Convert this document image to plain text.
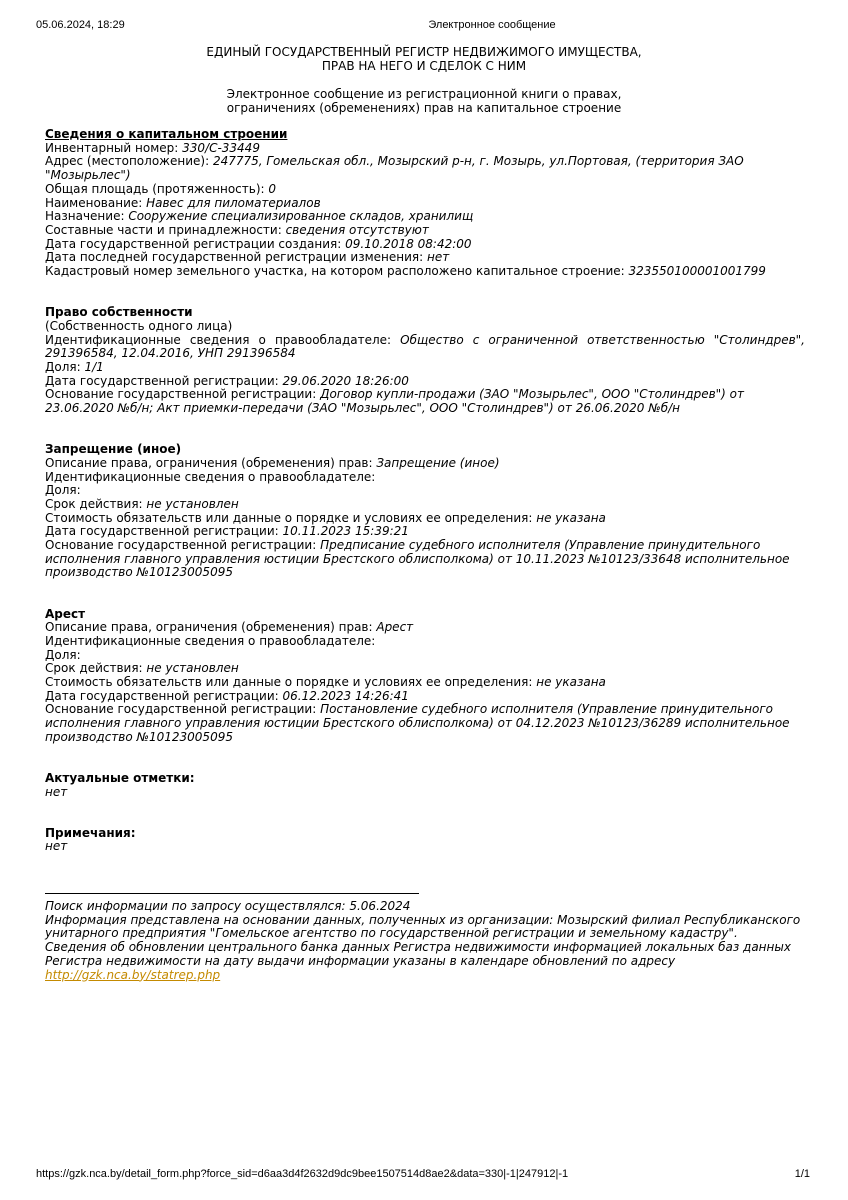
05.06.2024, 18:29	Электронное сообщение
ЕДИНЫЙ ГОСУДАРСТВЕННЫЙ РЕГИСТР НЕДВИЖИМОГО ИМУЩЕСТВА,
ПРАВ НА НЕГО И СДЕЛОК С НИМ
Электронное сообщение из регистрационной книги о правах,
ограничениях (обременениях) прав на капитальное строение

Сведения о капитальном строении

Инвентарный номер: 330/C-33449

Адрес (местоположение): 247775, Гомельская обл., Мозырский р-н, г. Мозырь, ул.Портовая, (территория ЗАО "Мозырьлес")

Общая площадь (протяженность): 0

Наименование: Навес для пиломатериалов

Назначение: Сооружение специализированное складов, хранилищ

Составные части и принадлежности: сведения отсутствуют

Дата государственной регистрации создания: 09.10.2018 08:42:00

Дата последней государственной регистрации изменения: нет

Кадастровый номер земельного участка, на котором расположено капитальное строение: 323550100001001799

Право собственности

(Собственность одного лица)

Идентификационные сведения о правообладателе: Общество с ограниченной ответственностью "Столиндрев", 291396584, 12.04.2016, УНП 291396584

Доля: 1/1

Дата государственной регистрации: 29.06.2020 18:26:00

Основание государственной регистрации: Договор купли-продажи (ЗАО "Мозырьлес", ООО "Столиндрев") от 23.06.2020 №б/н; Акт приемки-передачи (ЗАО "Мозырьлес", ООО "Столиндрев") от 26.06.2020 №б/н

Запрещение (иное)

Описание права, ограничения (обременения) прав: Запрещение (иное)

Идентификационные сведения о правообладателе:

Доля:

Срок действия: не установлен

Стоимость обязательств или данные о порядке и условиях ее определения: не указана

Дата государственной регистрации: 10.11.2023 15:39:21

Основание государственной регистрации: Предписание судебного исполнителя (Управление принудительного исполнения главного управления юстиции Брестского облисполкома) от 10.11.2023 №10123/33648 исполнительное производство №10123005095

Арест

Описание права, ограничения (обременения) прав: Арест

Идентификационные сведения о правообладателе:

Доля:

Срок действия: не установлен

Стоимость обязательств или данные о порядке и условиях ее определения: не указана

Дата государственной регистрации: 06.12.2023 14:26:41

Основание государственной регистрации: Постановление судебного исполнителя (Управление принудительного исполнения главного управления юстиции Брестского облисполкома) от 04.12.2023 №10123/36289 исполнительное производство №10123005095

Актуальные отметки:

нет

Примечания:

нет

Поиск информации по запросу осуществлялся: 5.06.2024

Информация представлена на основании данных, полученных из организации: Мозырский филиал Республиканского унитарного предприятия "Гомельское агентство по государственной регистрации и земельному кадастру".

Сведения об обновлении центрального банка данных Регистра недвижимости информацией локальных баз данных Регистра недвижимости на дату выдачи информации указаны в календаре обновлений по адресу

http://gzk.nca.by/statrep.php

https://gzk.nca.by/detail_form.php?force_sid=d6aa3d4f2632d9dc9bee1507514d8ae2&data=330|-1|247912|-1	1/1
